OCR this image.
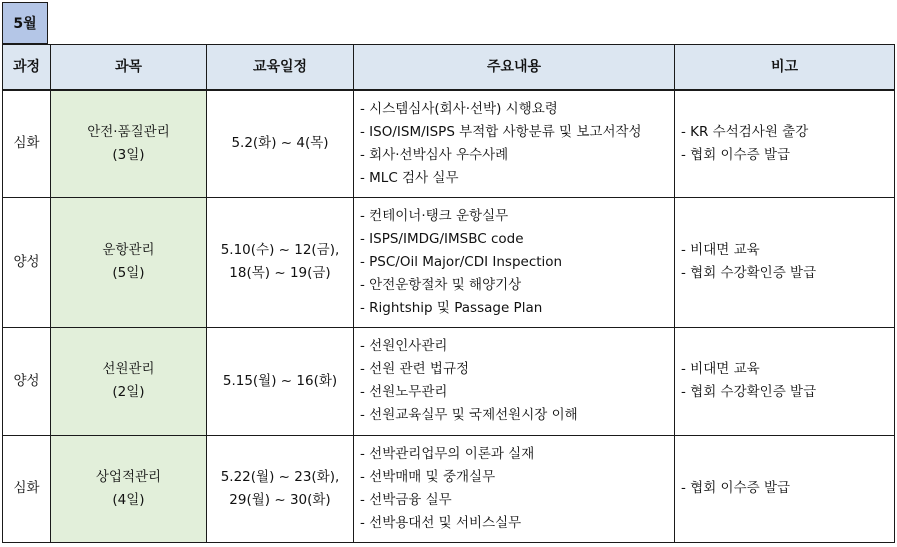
5월
과정	과목	교육일정	주요내용	비고
심화	안전·품질관리
(3일)	5.2(화) ~ 4(목)	- 시스템심사(회사·선박) 시행요령
- ISO/ISM/ISPS 부적합 사항분류 및 보고서작성
- 회사·선박심사 우수사례
- MLC 검사 실무	- KR 수석검사원 출강
- 협회 이수증 발급

양성	운항관리
(5일)	5.10(수) ~ 12(금),
18(목) ~ 19(금)	- 컨테이너·탱크 운항실무
- ISPS/IMDG/IMSBC code
- PSC/Oil Major/CDI Inspection
- 안전운항절차 및 해양기상
- Rightship 및 Passage Plan	- 비대면 교육
- 협회 수강확인증 발급

양성	선원관리
(2일)	5.15(월) ~ 16(화)	- 선원인사관리
- 선원 관련 법규정
- 선원노무관리
- 선원교육실무 및 국제선원시장 이해	- 비대면 교육
- 협회 수강확인증 발급

심화	상업적관리
(4일)	5.22(월) ~ 23(화),
29(월) ~ 30(화)	- 선박관리업무의 이론과 실재
- 선박매매 및 중개실무
- 선박금융 실무
- 선박용대선 및 서비스실무	- 협회 이수증 발급
